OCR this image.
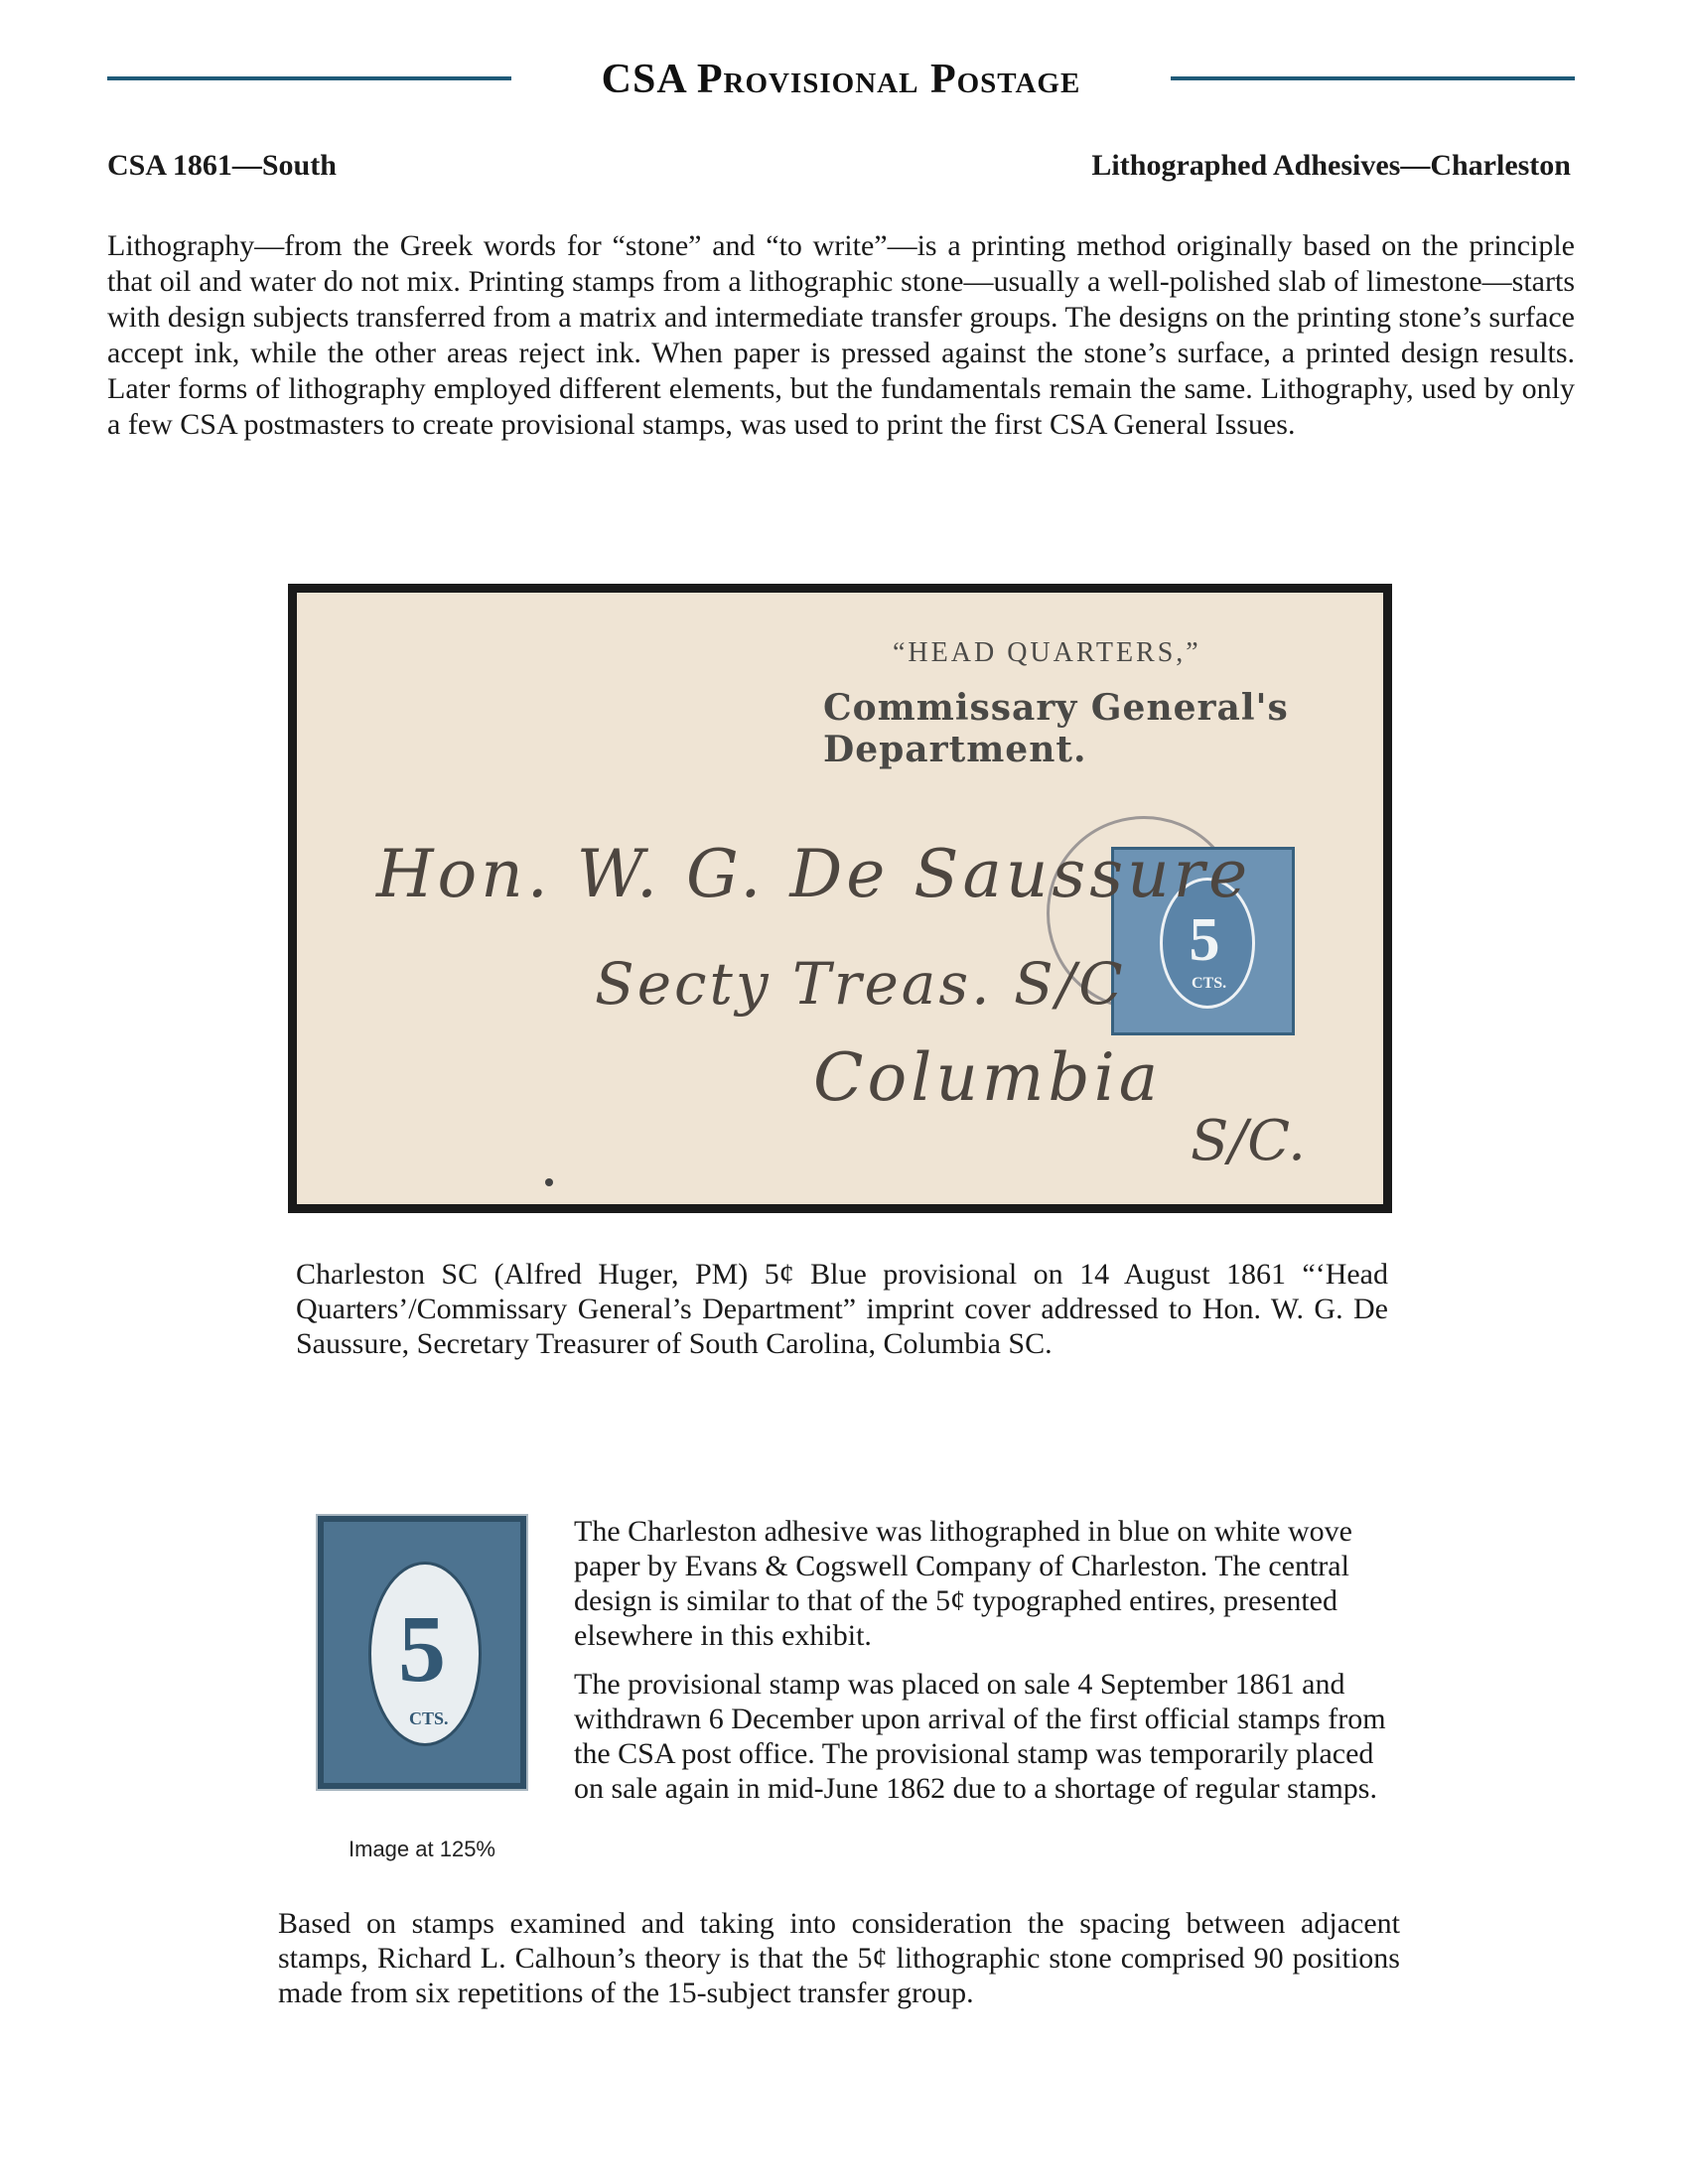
CSA Provisional Postage
CSA 1861—South	Lithographed Adhesives—Charleston

Lithography—from the Greek words for “stone” and “to write”—is a printing method originally based on the principle that oil and water do not mix. Printing stamps from a lithographic stone—usually a well-polished slab of limestone—starts with design subjects transferred from a matrix and intermediate transfer groups. The designs on the printing stone’s surface accept ink, while the other areas reject ink. When paper is pressed against the stone’s surface, a printed design results. Later forms of lithography employed different elements, but the fundamentals remain the same. Lithography, used by only a few CSA postmasters to create provisional stamps, was used to print the first CSA General Issues.

“HEAD QUARTERS,”
Commissary General's Department.
5
CTS.
Hon. W. G. De Saussure
Secty Treas. S/C
Columbia
S/C.

Charleston SC (Alfred Huger, PM) 5¢ Blue provisional on 14 August 1861 “‘Head Quarters’/Commissary General’s Department” imprint cover addressed to Hon. W. G. De Saussure, Secretary Treasurer of South Carolina, Columbia SC.

5
CTS.
Image at 125%

The Charleston adhesive was lithographed in blue on white wove paper by Evans & Cogswell Company of Charleston. The central design is similar to that of the 5¢ typographed entires, presented elsewhere in this exhibit.

The provisional stamp was placed on sale 4 September 1861 and withdrawn 6 December upon arrival of the first official stamps from the CSA post office. The provisional stamp was temporarily placed on sale again in mid-June 1862 due to a shortage of regular stamps.

Based on stamps examined and taking into consideration the spacing between adjacent stamps, Richard L. Calhoun’s theory is that the 5¢ lithographic stone comprised 90 positions made from six repetitions of the 15-subject transfer group.
